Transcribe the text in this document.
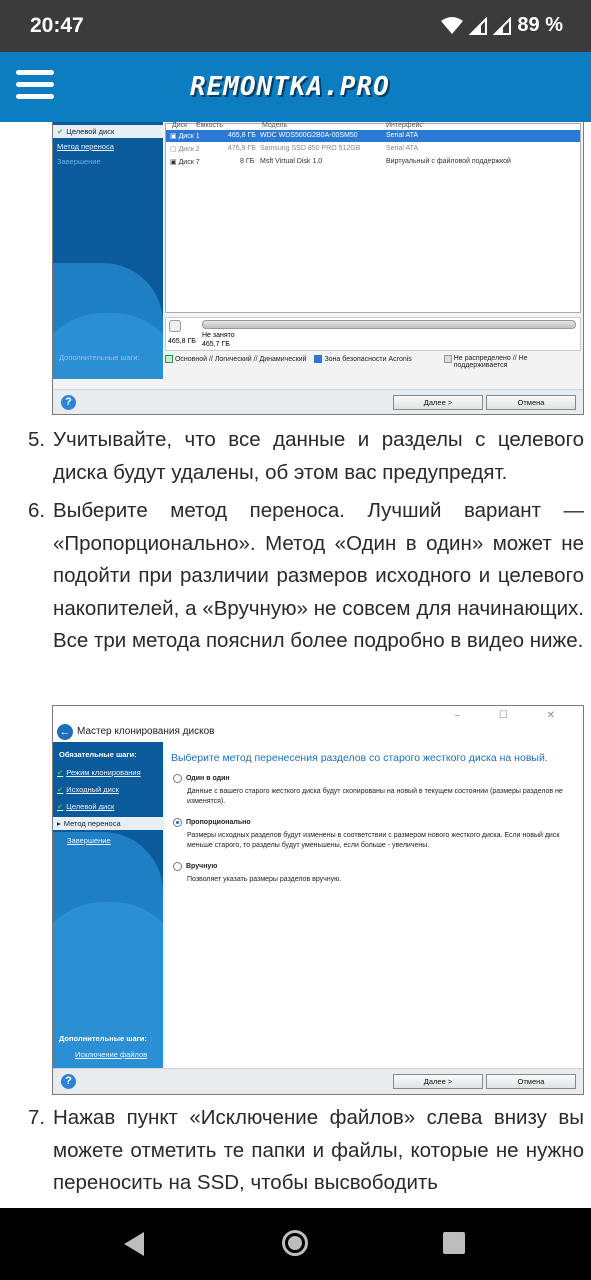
20:47	89 %
REMONTKA.PRO
✔ Целевой диск
Метод переноса
Завершение
Дополнительные шаги:
Диск Емкость	Модель	Интерфейс
▣ Диск 1	465,8 ГБ WDC WDS500G2B0A-00SM50	Serial ATA
▢ Диск 2	476,9 ГБ Samsung SSD 850 PRO 512GB	Serial ATA
▣ Диск 7	8 ГБ Msft Virtual Disk 1.0	Виртуальный с файловой поддержкой
465,8 ГБ
Не занято
465,7 ГБ
Основной // Логический // Динамический	Зона безопасности Acronis	Не распределено // Не поддерживается
?	Далее >	Отмена
5. Учитывайте, что все данные и разделы с целевого диска будут удалены, об этом вас предупредят.
6. Выберите метод переноса. Лучший вариант — «Пропорционально». Метод «Один в один» может не подойти при различии размеров исходного и целевого накопителей, а «Вручную» не совсем для начинающих. Все три метода пояснил более подробно в видео ниже.
← Мастер клонирования дисков
– ☐ ✕
Обязательные шаги:
✔ Режим клонирования
✔ Исходный диск
✔ Целевой диск
▸ Метод переноса
Завершение
Дополнительные шаги:
Исключение файлов
Выберите метод перенесения разделов со старого жесткого диска на новый.
Один в один
Данные с вашего старого жесткого диска будут скопированы на новый в текущем состоянии (размеры разделов не изменятся).
Пропорционально
Размеры исходных разделов будут изменены в соответствии с размером нового жесткого диска. Если новый диск меньше старого, то разделы будут уменьшены, если больше - увеличены.
Вручную
Позволяет указать размеры разделов вручную.
?	Далее >	Отмена
7. Нажав пункт «Исключение файлов» слева внизу вы можете отметить те папки и файлы, которые не нужно переносить на SSD, чтобы высвободить
